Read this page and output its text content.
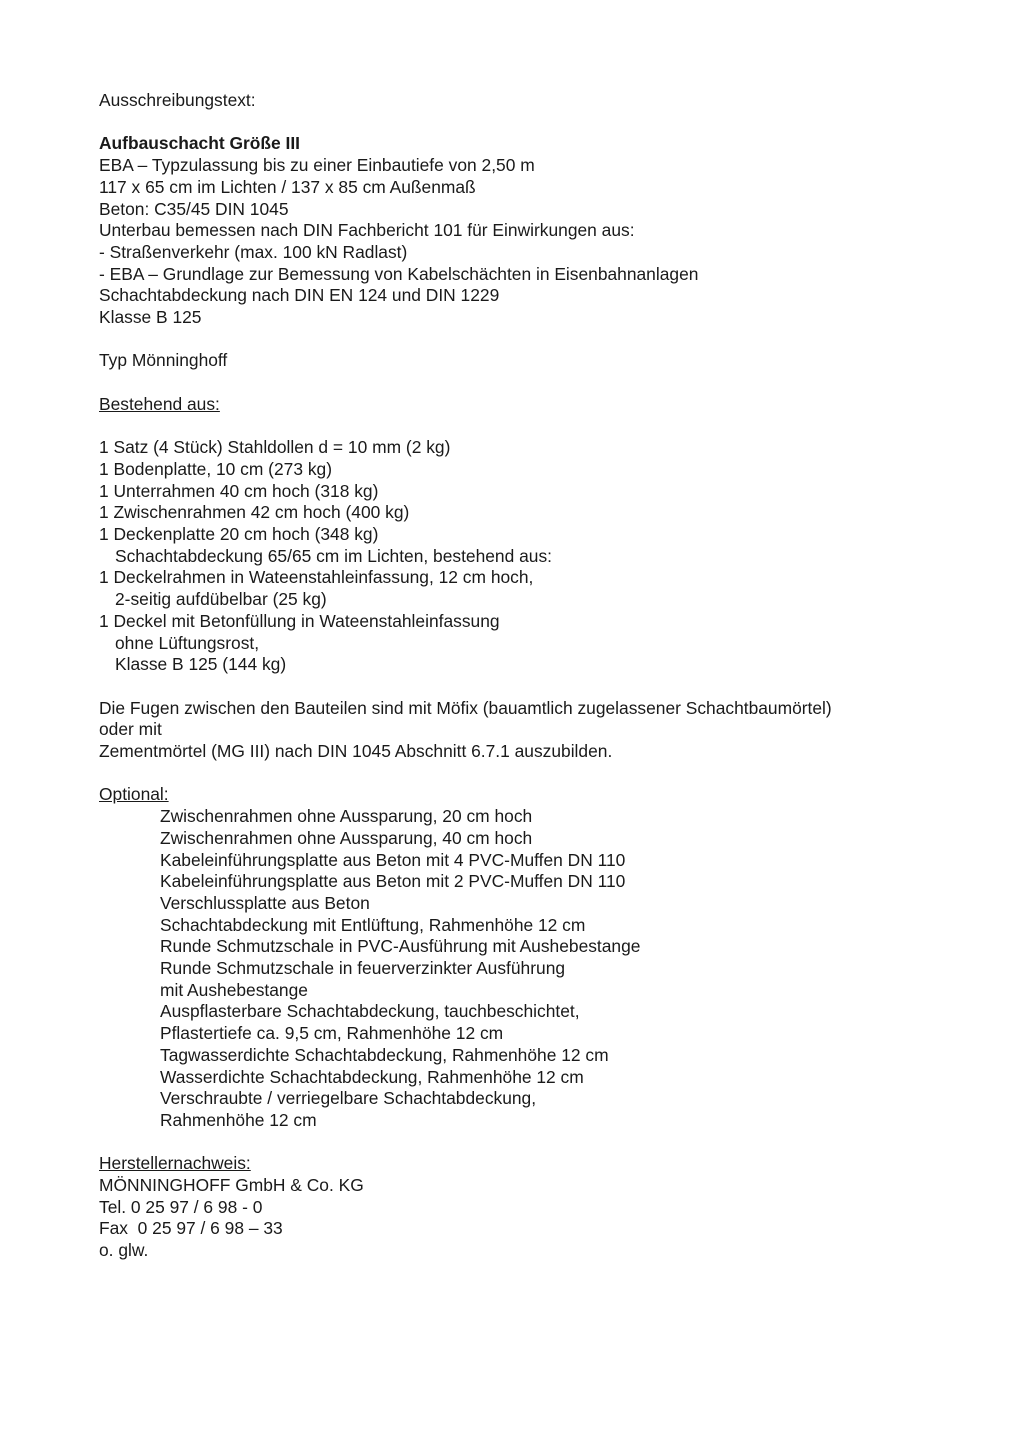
Ausschreibungstext:
Aufbauschacht Größe III
EBA – Typzulassung bis zu einer Einbautiefe von 2,50 m
117 x 65 cm im Lichten / 137 x 85 cm Außenmaß
Beton: C35/45 DIN 1045
Unterbau bemessen nach DIN Fachbericht 101 für Einwirkungen aus:
- Straßenverkehr (max. 100 kN Radlast)
- EBA – Grundlage zur Bemessung von Kabelschächten in Eisenbahnanlagen
Schachtabdeckung nach DIN EN 124 und DIN 1229
Klasse B 125
Typ Mönninghoff
Bestehend aus:
1 Satz (4 Stück) Stahldollen d = 10 mm (2 kg)
1 Bodenplatte, 10 cm (273 kg)
1 Unterrahmen 40 cm hoch (318 kg)
1 Zwischenrahmen 42 cm hoch (400 kg)
1 Deckenplatte 20 cm hoch (348 kg)
Schachtabdeckung 65/65 cm im Lichten, bestehend aus:
1 Deckelrahmen in Wateenstahleinfassung, 12 cm hoch,
2-seitig aufdübelbar (25 kg)
1 Deckel mit Betonfüllung in Wateenstahleinfassung
ohne Lüftungsrost,
Klasse B 125 (144 kg)
Die Fugen zwischen den Bauteilen sind mit Möfix (bauamtlich zugelassener Schachtbaumörtel)
oder mit
Zementmörtel (MG III) nach DIN 1045 Abschnitt 6.7.1 auszubilden.
Optional:
Zwischenrahmen ohne Aussparung, 20 cm hoch
Zwischenrahmen ohne Aussparung, 40 cm hoch
Kabeleinführungsplatte aus Beton mit 4 PVC-Muffen DN 110
Kabeleinführungsplatte aus Beton mit 2 PVC-Muffen DN 110
Verschlussplatte aus Beton
Schachtabdeckung mit Entlüftung, Rahmenhöhe 12 cm
Runde Schmutzschale in PVC-Ausführung mit Aushebestange
Runde Schmutzschale in feuerverzinkter Ausführung
mit Aushebestange
Auspflasterbare Schachtabdeckung, tauchbeschichtet,
Pflastertiefe ca. 9,5 cm, Rahmenhöhe 12 cm
Tagwasserdichte Schachtabdeckung, Rahmenhöhe 12 cm
Wasserdichte Schachtabdeckung, Rahmenhöhe 12 cm
Verschraubte / verriegelbare Schachtabdeckung,
Rahmenhöhe 12 cm
Herstellernachweis:
MÖNNINGHOFF GmbH & Co. KG
Tel. 0 25 97 / 6 98 - 0
Fax  0 25 97 / 6 98 – 33
o. glw.
